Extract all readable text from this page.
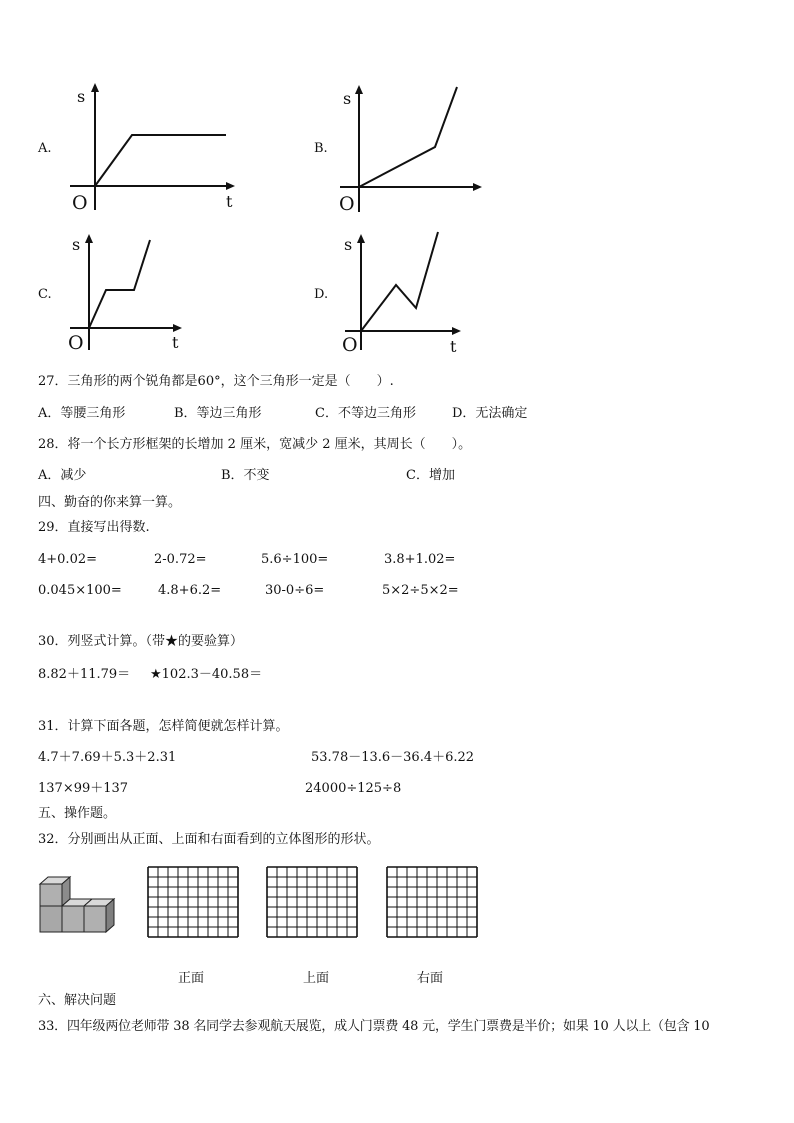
A.
s
t
O
B.
s
O
C.
s
t
O
D.
s
t
O
27．三角形的两个锐角都是60°，这个三角形一定是（　　）.
A．等腰三角形	B．等边三角形	C．不等边三角形	D．无法确定
28．将一个长方形框架的长增加 2 厘米，宽减少 2 厘米，其周长（　　）。
A．减少	B．不变	C．增加
四、勤奋的你来算一算。
29．直接写出得数.
4+0.02=	2-0.72=	5.6÷100=	3.8+1.02=
0.045×100=	4.8+6.2=	30-0÷6=	5×2÷5×2=
30．列竖式计算。（带★的要验算）
8.82＋11.79＝ ★102.3－40.58＝
31．计算下面各题，怎样简便就怎样计算。
4.7＋7.69＋5.3＋2.31	53.78－13.6－36.4＋6.22
137×99＋137	24000÷125÷8
五、操作题。
32．分别画出从正面、上面和右面看到的立体图形的形状。
正面	上面	右面
六、解决问题
33．四年级两位老师带 38 名同学去参观航天展览，成人门票费 48 元，学生门票费是半价；如果 10 人以上（包含 10
